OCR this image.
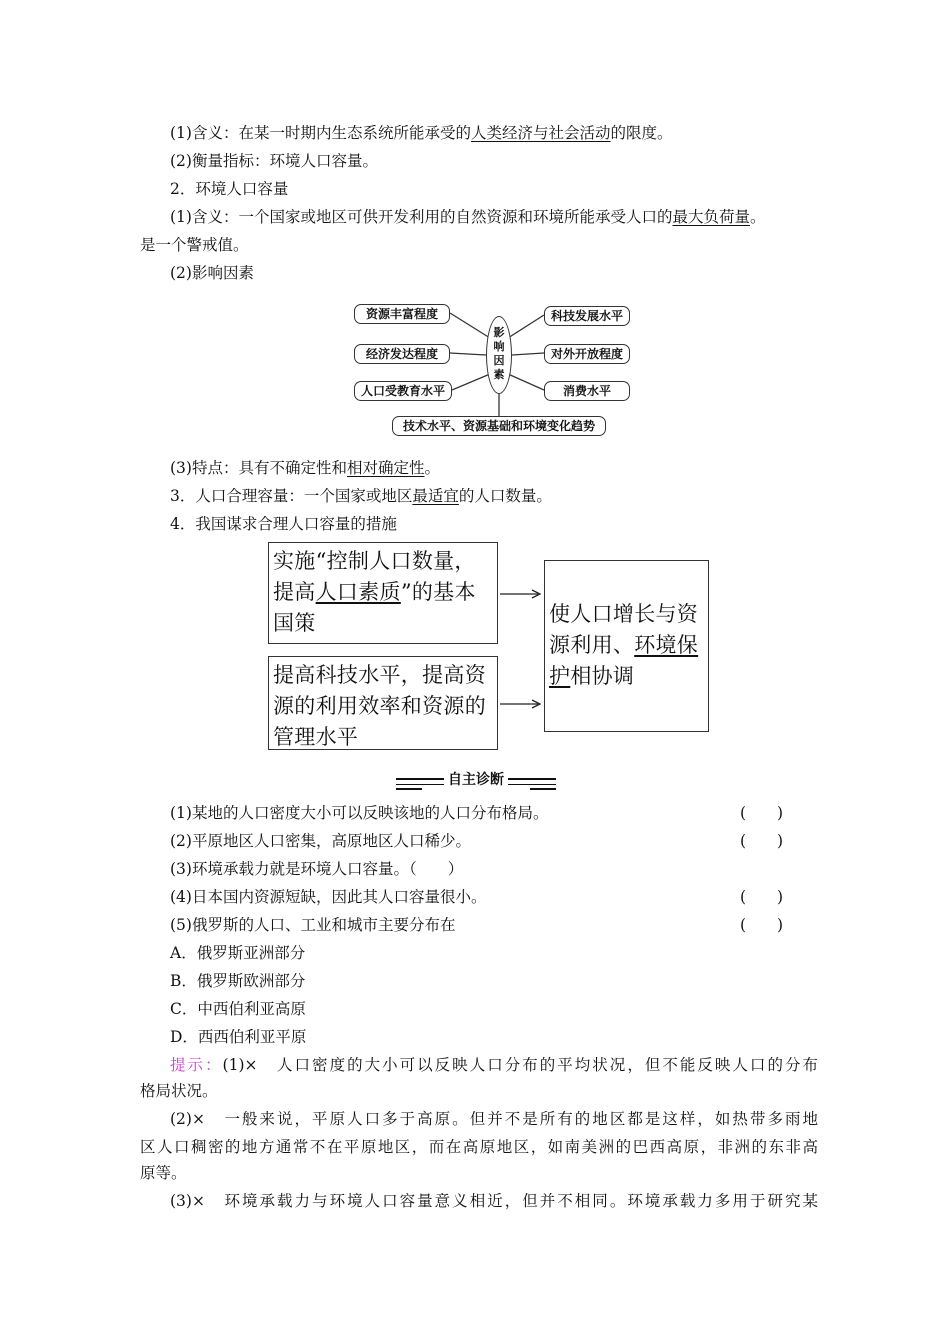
(1)含义：在某一时期内生态系统所能承受的人类经济与社会活动的限度。
(2)衡量指标：环境人口容量。
2．环境人口容量
(1)含义：一个国家或地区可供开发利用的自然资源和环境所能承受人口的最大负荷量。
是一个警戒值。
(2)影响因素
资源丰富程度
经济发达程度
人口受教育水平
科技发展水平
对外开放程度
消费水平
影
响
因
素
技术水平、资源基础和环境变化趋势
(3)特点：具有不确定性和相对确定性。
3．人口合理容量：一个国家或地区最适宜的人口数量。
4．我国谋求合理人口容量的措施
实施“控制人口数量，提高人口素质”的基本国策
提高科技水平，提高资源的利用效率和资源的管理水平
使人口增长与资源利用、环境保护相协调
自主诊断
(1)某地的人口密度大小可以反映该地的人口分布格局。	(　　)
(2)平原地区人口密集，高原地区人口稀少。	(　　)
(3)环境承载力就是环境人口容量。（　　）
(4)日本国内资源短缺，因此其人口容量很小。	(　　)
(5)俄罗斯的人口、工业和城市主要分布在	(　　)
A．俄罗斯亚洲部分
B．俄罗斯欧洲部分
C．中西伯利亚高原
D．西西伯利亚平原
提示：(1)×　人口密度的大小可以反映人口分布的平均状况，但不能反映人口的分布
格局状况。
(2)×　一般来说，平原人口多于高原。但并不是所有的地区都是这样，如热带多雨地
区人口稠密的地方通常不在平原地区，而在高原地区，如南美洲的巴西高原，非洲的东非高
原等。
(3)×　环境承载力与环境人口容量意义相近，但并不相同。环境承载力多用于研究某
